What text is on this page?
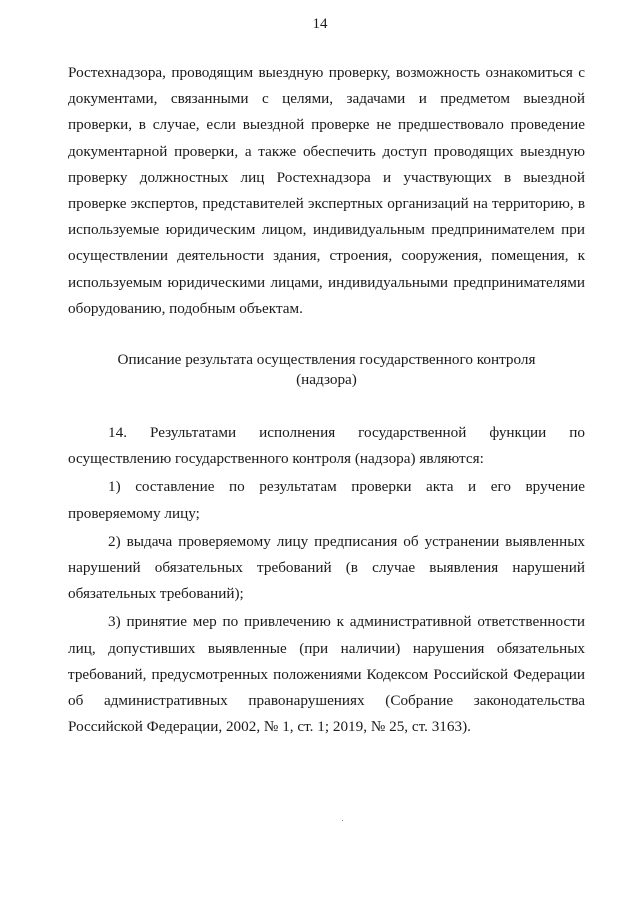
14

Ростехнадзора, проводящим выездную проверку, возможность ознакомиться с документами, связанными с целями, задачами и предметом выездной проверки, в случае, если выездной проверке не предшествовало проведение документарной проверки, а также обеспечить доступ проводящих выездную проверку должностных лиц Ростехнадзора и участвующих в выездной проверке экспертов, представителей экспертных организаций на территорию, в используемые юридическим лицом, индивидуальным предпринимателем при осуществлении деятельности здания, строения, сооружения, помещения, к используемым юридическими лицами, индивидуальными предпринимателями оборудованию, подобным объектам.

Описание результата осуществления государственного контроля
(надзора)

14. Результатами исполнения государственной функции по осуществлению государственного контроля (надзора) являются:

1) составление по результатам проверки акта и его вручение проверяемому лицу;

2) выдача проверяемому лицу предписания об устранении выявленных нарушений обязательных требований (в случае выявления нарушений обязательных требований);

3) принятие мер по привлечению к административной ответственности лиц, допустивших выявленные (при наличии) нарушения обязательных требований, предусмотренных положениями Кодексом Российской Федерации об административных правонарушениях (Собрание законодательства Российской Федерации, 2002, № 1, ст. 1; 2019, № 25, ст. 3163).
